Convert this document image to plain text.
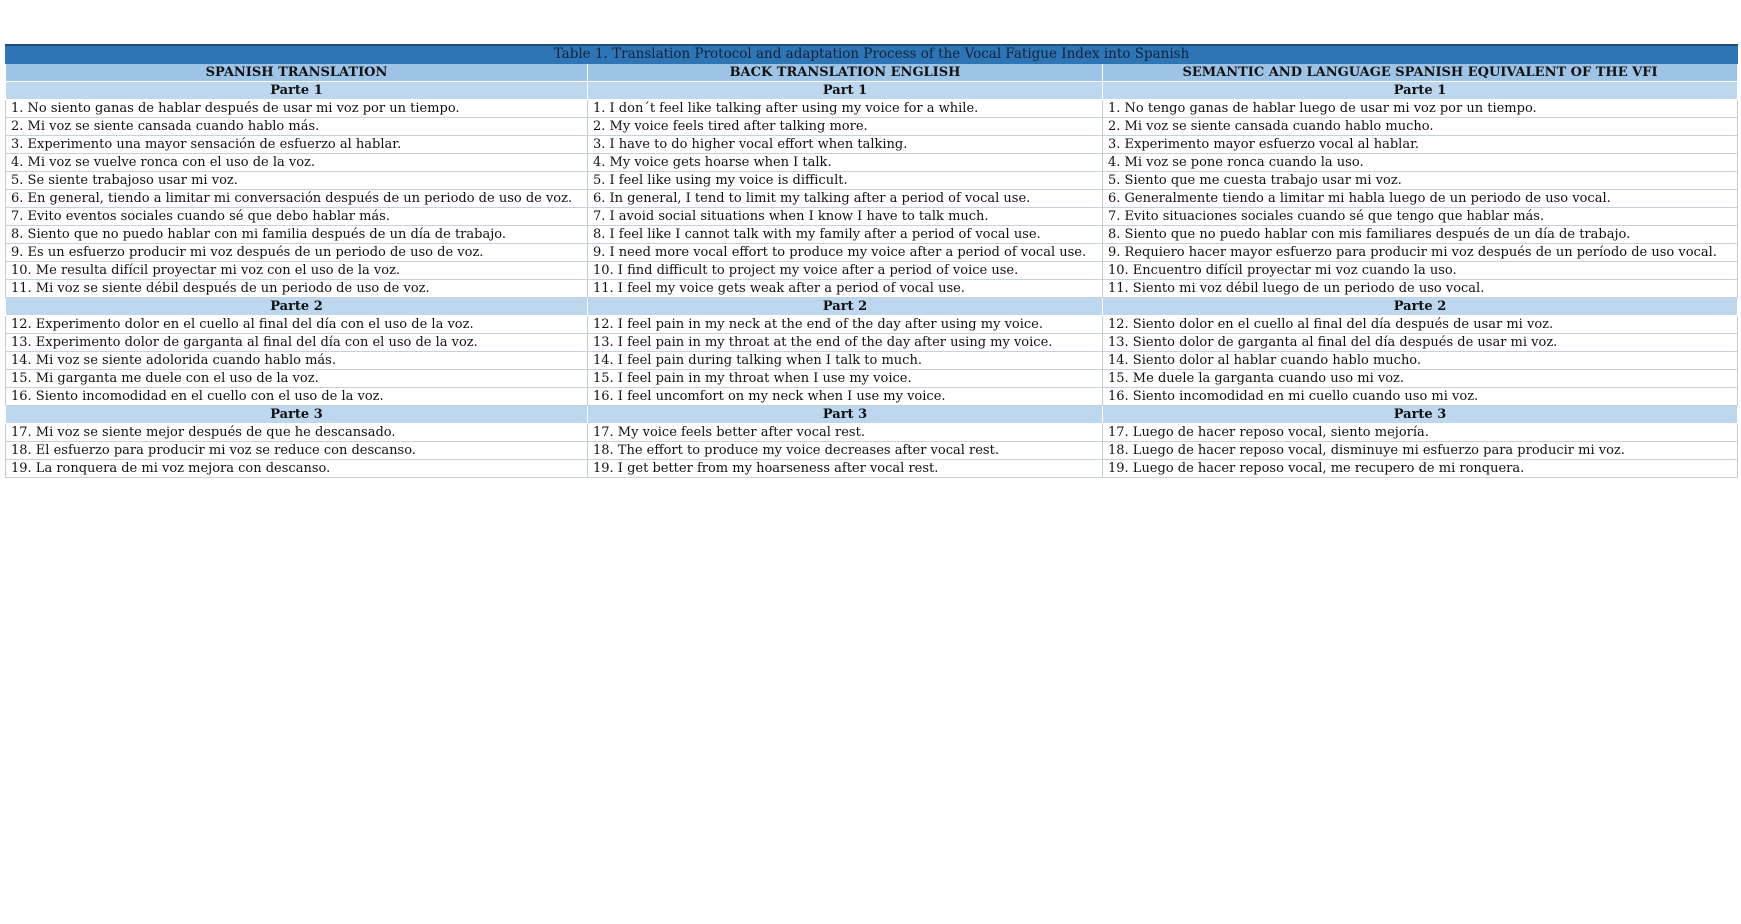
Table 1. Translation Protocol and adaptation Process of the Vocal Fatigue Index into Spanish		
SPANISH TRANSLATION	BACK TRANSLATION ENGLISH	SEMANTIC AND LANGUAGE SPANISH EQUIVALENT OF THE VFI
Parte 1	Part 1	Parte 1
1. No siento ganas de hablar después de usar mi voz por un tiempo.	1. I don´t feel like talking after using my voice for a while.	1. No tengo ganas de hablar luego de usar mi voz por un tiempo.
2. Mi voz se siente cansada cuando hablo más.	2. My voice feels tired after talking more.	2. Mi voz se siente cansada cuando hablo mucho.
3. Experimento una mayor sensación de esfuerzo al hablar.	3. I have to do higher vocal effort when talking.	3. Experimento mayor esfuerzo vocal al hablar.
4. Mi voz se vuelve ronca con el uso de la voz.	4. My voice gets hoarse when I talk.	4. Mi voz se pone ronca cuando la uso.
5. Se siente trabajoso usar mi voz.	5. I feel like using my voice is difficult.	5. Siento que me cuesta trabajo usar mi voz.
6. En general, tiendo a limitar mi conversación después de un periodo de uso de voz.	6. In general, I tend to limit my talking after a period of vocal use.	6. Generalmente tiendo a limitar mi habla luego de un periodo de uso vocal.
7. Evito eventos sociales cuando sé que debo hablar más.	7. I avoid social situations when I know I have to talk much.	7. Evito situaciones sociales cuando sé que tengo que hablar más.
8. Siento que no puedo hablar con mi familia después de un día de trabajo.	8. I feel like I cannot talk with my family after a period of vocal use.	8. Siento que no puedo hablar con mis familiares después de un día de trabajo.
9. Es un esfuerzo producir mi voz después de un periodo de uso de voz.	9. I need more vocal effort to produce my voice after a period of vocal use.	9. Requiero hacer mayor esfuerzo para producir mi voz después de un período de uso vocal.
10. Me resulta difícil proyectar mi voz con el uso de la voz.	10. I find difficult to project my voice after a period of voice use.	10. Encuentro difícil proyectar mi voz cuando la uso.
11. Mi voz se siente débil después de un periodo de uso de voz.	11. I feel my voice gets weak after a period of vocal use.	11. Siento mi voz débil luego de un periodo de uso vocal.
Parte 2	Part 2	Parte 2
12. Experimento dolor en el cuello al final del día con el uso de la voz.	12. I feel pain in my neck at the end of the day after using my voice.	12. Siento dolor en el cuello al final del día después de usar mi voz.
13. Experimento dolor de garganta al final del día con el uso de la voz.	13. I feel pain in my throat at the end of the day after using my voice.	13. Siento dolor de garganta al final del día después de usar mi voz.
14. Mi voz se siente adolorida cuando hablo más.	14. I feel pain during talking when I talk to much.	14. Siento dolor al hablar cuando hablo mucho.
15. Mi garganta me duele con el uso de la voz.	15. I feel pain in my throat when I use my voice.	15. Me duele la garganta cuando uso mi voz.
16. Siento incomodidad en el cuello con el uso de la voz.	16. I feel uncomfort on my neck when I use my voice.	16. Siento incomodidad en mi cuello cuando uso mi voz.
Parte 3	Part 3	Parte 3
17. Mi voz se siente mejor después de que he descansado.	17. My voice feels better after vocal rest.	17. Luego de hacer reposo vocal, siento mejoría.
18. El esfuerzo para producir mi voz se reduce con descanso.	18. The effort to produce my voice decreases after vocal rest.	18. Luego de hacer reposo vocal, disminuye mi esfuerzo para producir mi voz.
19. La ronquera de mi voz mejora con descanso.	19. I get better from my hoarseness after vocal rest.	19. Luego de hacer reposo vocal, me recupero de mi ronquera.
